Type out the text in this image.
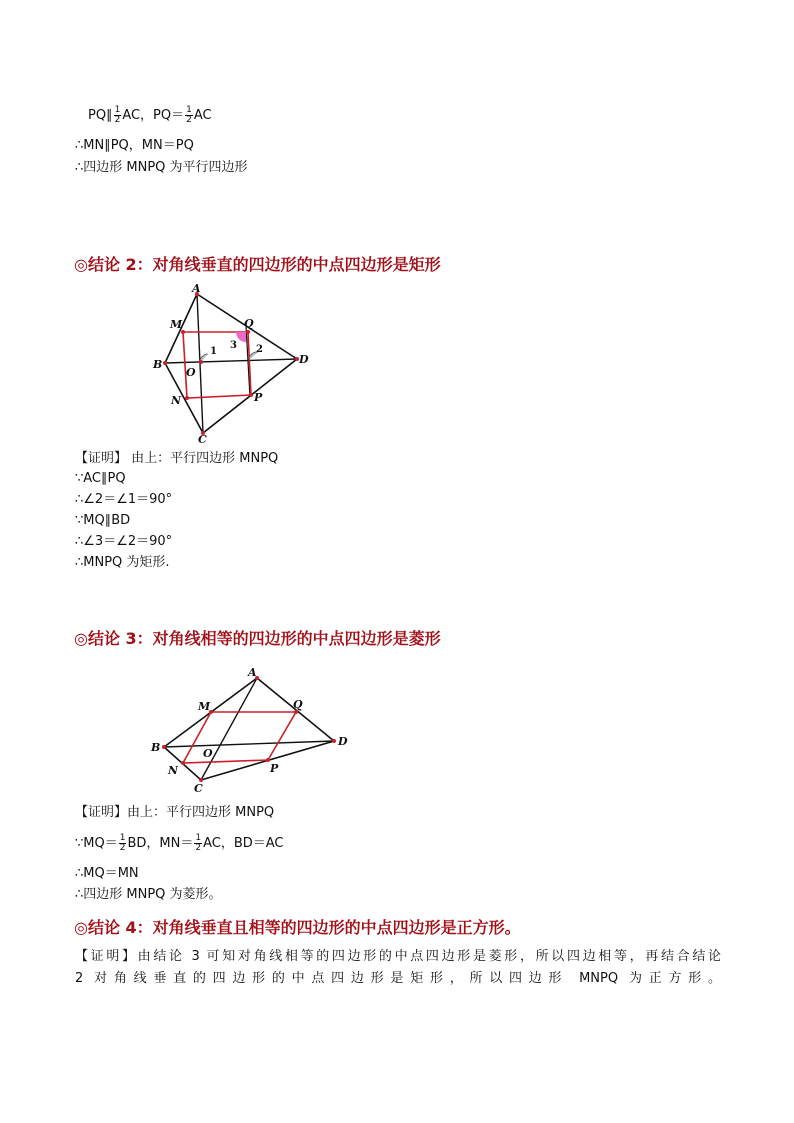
PQ∥ $\frac{1}{2}$ AC，$PQ= \frac{1}{2}$ AC
∴MN∥PQ，MN＝PQ
∴四边形 MNPQ 为平行四边形
◎结论 2：对角线垂直的四边形的中点四边形是矩形
A
M	Q
B
O
D
N	P
C
1	2
3
【证明】 由上：平行四边形 MNPQ
∵AC∥PQ
∴∠2＝∠1＝90°
∵MQ∥BD
∴∠3＝∠2＝90°
∴MNPQ 为矩形.
◎结论 3：对角线相等的四边形的中点四边形是菱形
A
M	Q
B	O
D
N	P
C
【证明】由上：平行四边形 MNPQ
∵MQ＝ $\frac{1}{2}$ BD，$MN= \frac{1}{2}$ AC，BD＝AC
∴MQ＝MN
∴四边形 MNPQ 为菱形。
◎结论 4：对角线垂直且相等的四边形的中点四边形是正方形。
【证明】由结论 3 可知对角线相等的四边形的中点四边形是菱形，所以四边相等，再结合结论
2 对角线垂直的四边形的中点四边形是矩形，所以四边形 MNPQ 为正方形。
